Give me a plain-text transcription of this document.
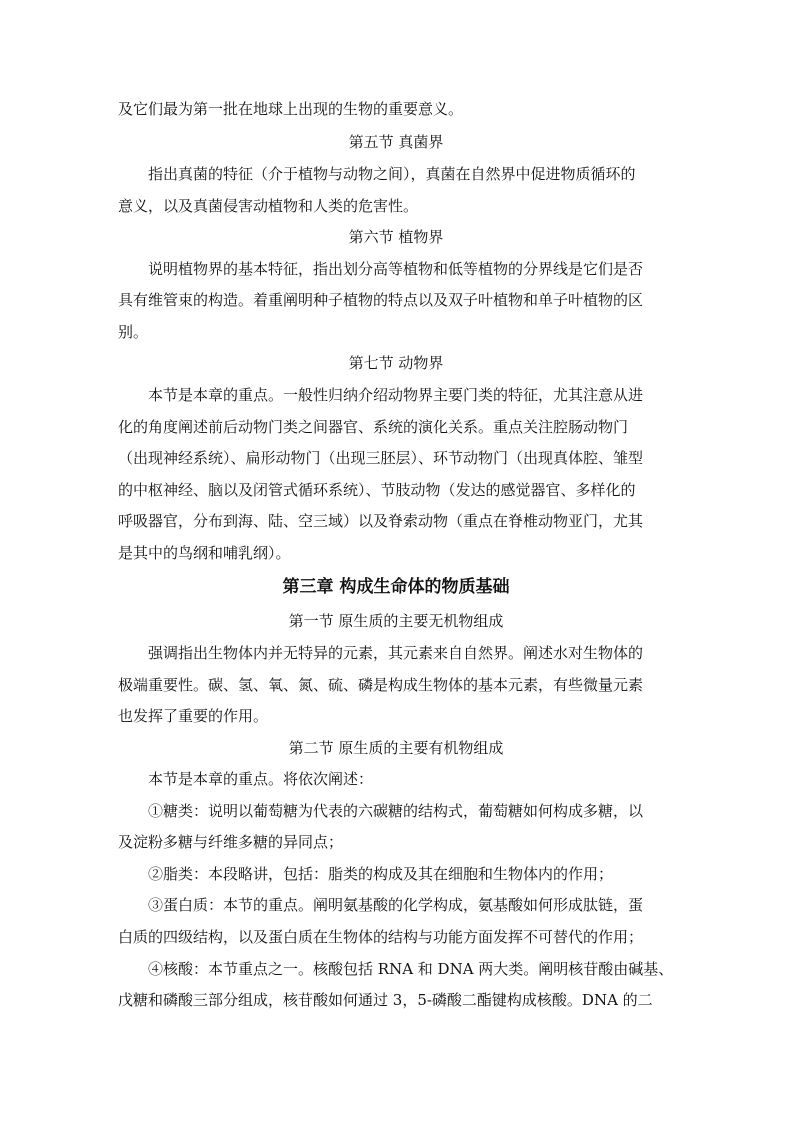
及它们最为第一批在地球上出现的生物的重要意义。
第五节 真菌界
指出真菌的特征（介于植物与动物之间），真菌在自然界中促进物质循环的
意义，以及真菌侵害动植物和人类的危害性。
第六节 植物界
说明植物界的基本特征，指出划分高等植物和低等植物的分界线是它们是否
具有维管束的构造。着重阐明种子植物的特点以及双子叶植物和单子叶植物的区
别。
第七节 动物界
本节是本章的重点。一般性归纳介绍动物界主要门类的特征，尤其注意从进
化的角度阐述前后动物门类之间器官、系统的演化关系。重点关注腔肠动物门
（出现神经系统）、扁形动物门（出现三胚层）、环节动物门（出现真体腔、雏型
的中枢神经、脑以及闭管式循环系统）、节肢动物（发达的感觉器官、多样化的
呼吸器官，分布到海、陆、空三域）以及脊索动物（重点在脊椎动物亚门，尤其
是其中的鸟纲和哺乳纲）。
第三章 构成生命体的物质基础
第一节 原生质的主要无机物组成
强调指出生物体内并无特异的元素，其元素来自自然界。阐述水对生物体的
极端重要性。碳、氢、氧、氮、硫、磷是构成生物体的基本元素，有些微量元素
也发挥了重要的作用。
第二节 原生质的主要有机物组成
本节是本章的重点。将依次阐述：
①糖类：说明以葡萄糖为代表的六碳糖的结构式，葡萄糖如何构成多糖，以
及淀粉多糖与纤维多糖的异同点；
②脂类：本段略讲，包括：脂类的构成及其在细胞和生物体内的作用；
③蛋白质：本节的重点。阐明氨基酸的化学构成，氨基酸如何形成肽链，蛋
白质的四级结构，以及蛋白质在生物体的结构与功能方面发挥不可替代的作用；
④核酸：本节重点之一。核酸包括 RNA 和 DNA 两大类。阐明核苷酸由碱基、
戊糖和磷酸三部分组成，核苷酸如何通过 3，5-磷酸二酯键构成核酸。DNA 的二
